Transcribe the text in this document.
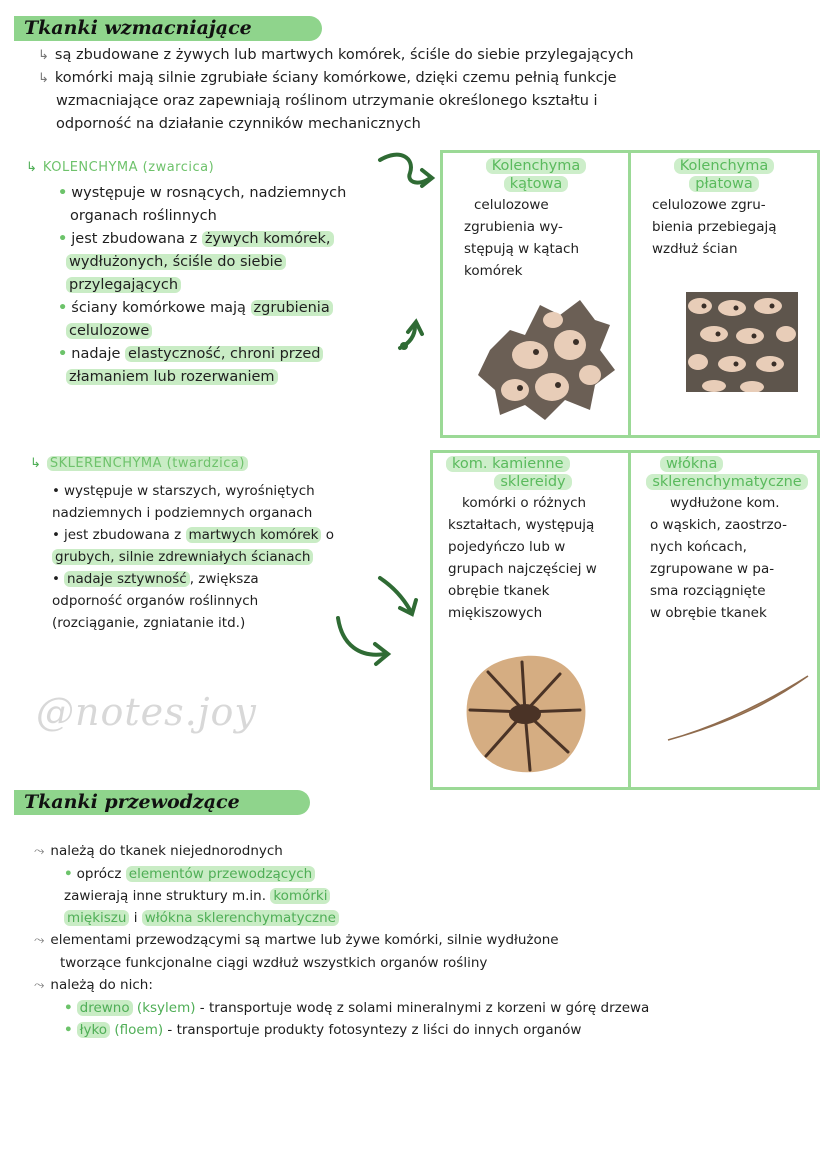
Tkanki wzmacniające
↳ są zbudowane z żywych lub martwych komórek, ściśle do siebie przylegających
↳ komórki mają silnie zgrubiałe ściany komórkowe, dzięki czemu pełnią funkcje
wzmacniające oraz zapewniają roślinom utrzymanie określonego kształtu i
odporność na działanie czynników mechanicznych
↳ KOLENCHYMA (zwarcica)
• występuje w rosnących, nadziemnych
organach roślinnych
• jest zbudowana z żywych komórek,
wydłużonych, ściśle do siebie
przylegających
• ściany komórkowe mają zgrubienia
celulozowe
• nadaje elastyczność, chroni przed
złamaniem lub rozerwaniem
Kolenchyma
kątowa
celulozowe
zgrubienia wy-
stępują w kątach
komórek
Kolenchyma
płatowa
celulozowe zgru-
bienia przebiegają
wzdłuż ścian
↳ SKLERENCHYMA (twardzica)
• występuje w starszych, wyrośniętych
nadziemnych i podziemnych organach
• jest zbudowana z martwych komórek o
grubych, silnie zdrewniałych ścianach
• nadaje sztywność , zwiększa
odporność organów roślinnych
(rozciąganie, zgniatanie itd.)
kom. kamienne
sklereidy
komórki o różnych
kształtach, występują
pojedyńczo lub w
grupach najczęściej w
obrębie tkanek
miękiszowych
włókna
sklerenchymatyczne
wydłużone kom.
o wąskich, zaostrzo-
nych końcach,
zgrupowane w pa-
sma rozciągnięte
w obrębie tkanek
@notes.joy
Tkanki przewodzące
⤳ należą do tkanek niejednorodnych
• oprócz elementów przewodzących
zawierają inne struktury m.in. komórki
miękiszu i włókna sklerenchymatyczne
⤳ elementami przewodzącymi są martwe lub żywe komórki, silnie wydłużone
tworzące funkcjonalne ciągi wzdłuż wszystkich organów rośliny
⤳ należą do nich:
• drewno (ksylem) - transportuje wodę z solami mineralnymi z korzeni w górę drzewa
• łyko (floem) - transportuje produkty fotosyntezy z liści do innych organów
